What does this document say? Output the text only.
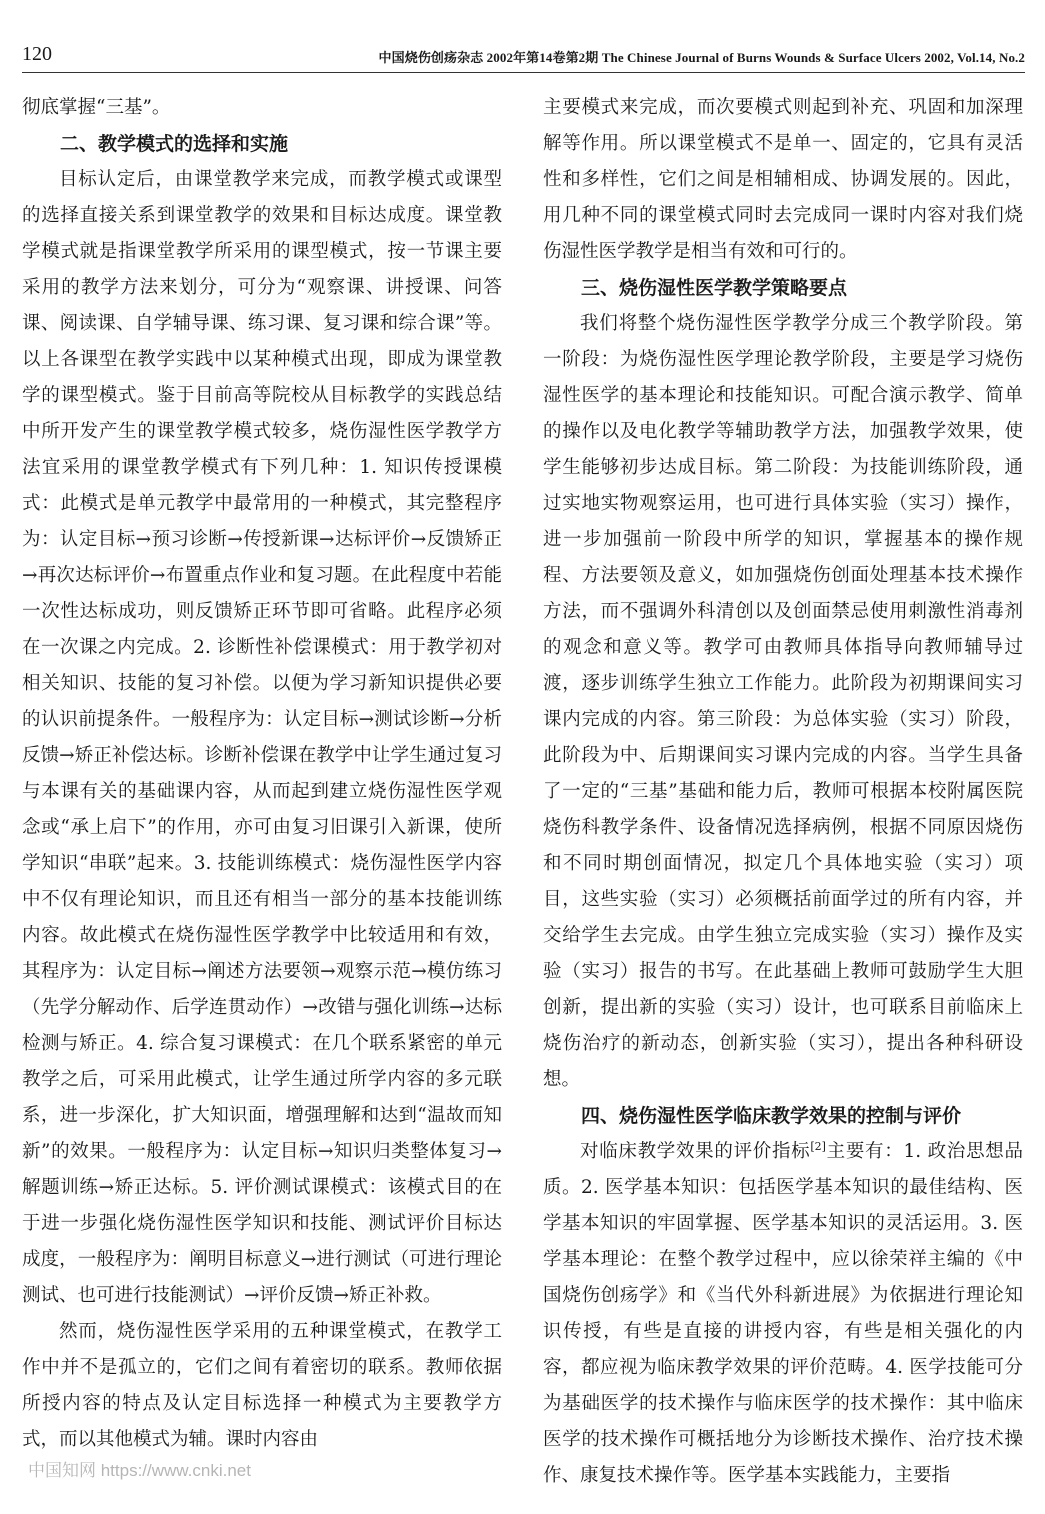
120	中国烧伤创疡杂志 2002年第14卷第2期 The Chinese Journal of Burns Wounds & Surface Ulcers 2002, Vol.14, No.2

彻底掌握“三基”。

二、教学模式的选择和实施

目标认定后，由课堂教学来完成，而教学模式或课型的选择直接关系到课堂教学的效果和目标达成度。课堂教学模式就是指课堂教学所采用的课型模式，按一节课主要采用的教学方法来划分，可分为“观察课、讲授课、问答课、阅读课、自学辅导课、练习课、复习课和综合课”等。以上各课型在教学实践中以某种模式出现，即成为课堂教学的课型模式。鉴于目前高等院校从目标教学的实践总结中所开发产生的课堂教学模式较多，烧伤湿性医学教学方法宜采用的课堂教学模式有下列几种：1. 知识传授课模式：此模式是单元教学中最常用的一种模式，其完整程序为：认定目标→预习诊断→传授新课→达标评价→反馈矫正→再次达标评价→布置重点作业和复习题。在此程度中若能一次性达标成功，则反馈矫正环节即可省略。此程序必须在一次课之内完成。2. 诊断性补偿课模式：用于教学初对相关知识、技能的复习补偿。以便为学习新知识提供必要的认识前提条件。一般程序为：认定目标→测试诊断→分析反馈→矫正补偿达标。诊断补偿课在教学中让学生通过复习与本课有关的基础课内容，从而起到建立烧伤湿性医学观念或“承上启下”的作用，亦可由复习旧课引入新课，使所学知识“串联”起来。3. 技能训练模式：烧伤湿性医学内容中不仅有理论知识，而且还有相当一部分的基本技能训练内容。故此模式在烧伤湿性医学教学中比较适用和有效，其程序为：认定目标→阐述方法要领→观察示范→模仿练习（先学分解动作、后学连贯动作）→改错与强化训练→达标检测与矫正。4. 综合复习课模式：在几个联系紧密的单元教学之后，可采用此模式，让学生通过所学内容的多元联系，进一步深化，扩大知识面，增强理解和达到“温故而知新”的效果。一般程序为：认定目标→知识归类整体复习→解题训练→矫正达标。5. 评价测试课模式：该模式目的在于进一步强化烧伤湿性医学知识和技能、测试评价目标达成度，一般程序为：阐明目标意义→进行测试（可进行理论测试、也可进行技能测试）→评价反馈→矫正补救。

然而，烧伤湿性医学采用的五种课堂模式，在教学工作中并不是孤立的，它们之间有着密切的联系。教师依据所授内容的特点及认定目标选择一种模式为主要教学方式，而以其他模式为辅。课时内容由

主要模式来完成，而次要模式则起到补充、巩固和加深理解等作用。所以课堂模式不是单一、固定的，它具有灵活性和多样性，它们之间是相辅相成、协调发展的。因此，用几种不同的课堂模式同时去完成同一课时内容对我们烧伤湿性医学教学是相当有效和可行的。

三、烧伤湿性医学教学策略要点

我们将整个烧伤湿性医学教学分成三个教学阶段。第一阶段：为烧伤湿性医学理论教学阶段，主要是学习烧伤湿性医学的基本理论和技能知识。可配合演示教学、简单的操作以及电化教学等辅助教学方法，加强教学效果，使学生能够初步达成目标。第二阶段：为技能训练阶段，通过实地实物观察运用，也可进行具体实验（实习）操作，进一步加强前一阶段中所学的知识，掌握基本的操作规程、方法要领及意义，如加强烧伤创面处理基本技术操作方法，而不强调外科清创以及创面禁忌使用刺激性消毒剂的观念和意义等。教学可由教师具体指导向教师辅导过渡，逐步训练学生独立工作能力。此阶段为初期课间实习课内完成的内容。第三阶段：为总体实验（实习）阶段，此阶段为中、后期课间实习课内完成的内容。当学生具备了一定的“三基”基础和能力后，教师可根据本校附属医院烧伤科教学条件、设备情况选择病例，根据不同原因烧伤和不同时期创面情况，拟定几个具体地实验（实习）项目，这些实验（实习）必须概括前面学过的所有内容，并交给学生去完成。由学生独立完成实验（实习）操作及实验（实习）报告的书写。在此基础上教师可鼓励学生大胆创新，提出新的实验（实习）设计，也可联系目前临床上烧伤治疗的新动态，创新实验（实习），提出各种科研设想。

四、烧伤湿性医学临床教学效果的控制与评价

对临床教学效果的评价指标[2]主要有：1. 政治思想品质。2. 医学基本知识：包括医学基本知识的最佳结构、医学基本知识的牢固掌握、医学基本知识的灵活运用。3. 医学基本理论：在整个教学过程中，应以徐荣祥主编的《中国烧伤创疡学》和《当代外科新进展》为依据进行理论知识传授，有些是直接的讲授内容，有些是相关强化的内容，都应视为临床教学效果的评价范畴。4. 医学技能可分为基础医学的技术操作与临床医学的技术操作：其中临床医学的技术操作可概括地分为诊断技术操作、治疗技术操作、康复技术操作等。医学基本实践能力，主要指

中国知网 https://www.cnki.net
